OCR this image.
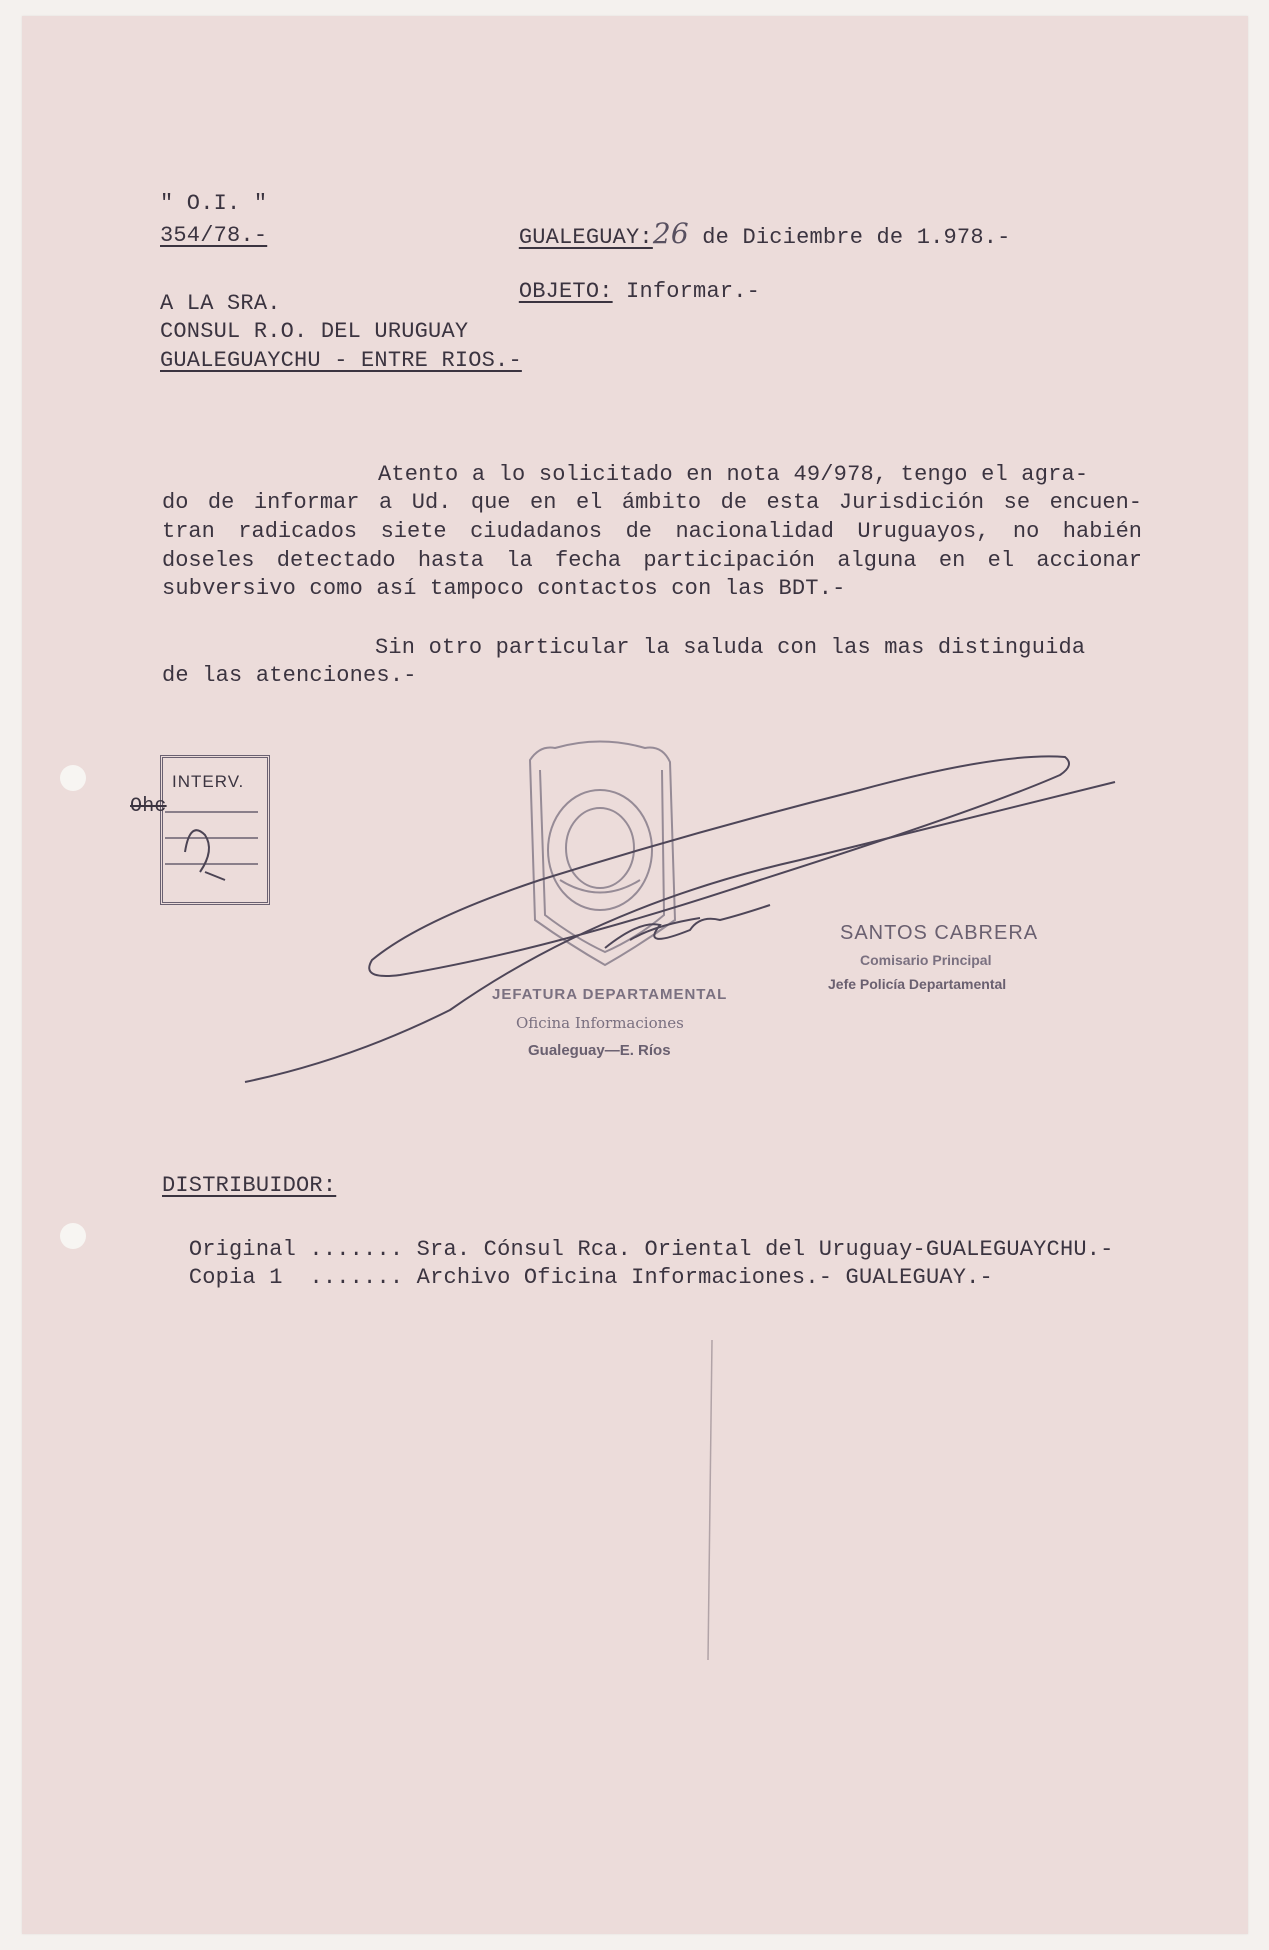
" O.I. "
354/78.-	GUALEGUAY:26 de Diciembre de 1.978.-

OBJETO: Informar.-

A LA SRA.
CONSUL R.O. DEL URUGUAY
GUALEGUAYCHU - ENTRE RIOS.-
Atento a lo solicitado en nota 49/978, tengo el agra-
do de informar a Ud. que en el ámbito de esta Jurisdición se encuen-
tran radicados siete ciudadanos de nacionalidad Uruguayos, no habién
doseles detectado hasta la fecha participación alguna en el accionar
subversivo como así tampoco contactos con las BDT.-
Sin otro particular la saluda con las mas distinguida
de las atenciones.-
INTERV.
Ohc
JEFATURA DEPARTAMENTAL
Oficina Informaciones
Gualeguay—E. Ríos
SANTOS CABRERA
Comisario Principal
Jefe Policía Departamental
DISTRIBUIDOR:

Original ....... Sra. Cónsul Rca. Oriental del Uruguay-GUALEGUAYCHU.-

Copia 1  ....... Archivo Oficina Informaciones.- GUALEGUAY.-
